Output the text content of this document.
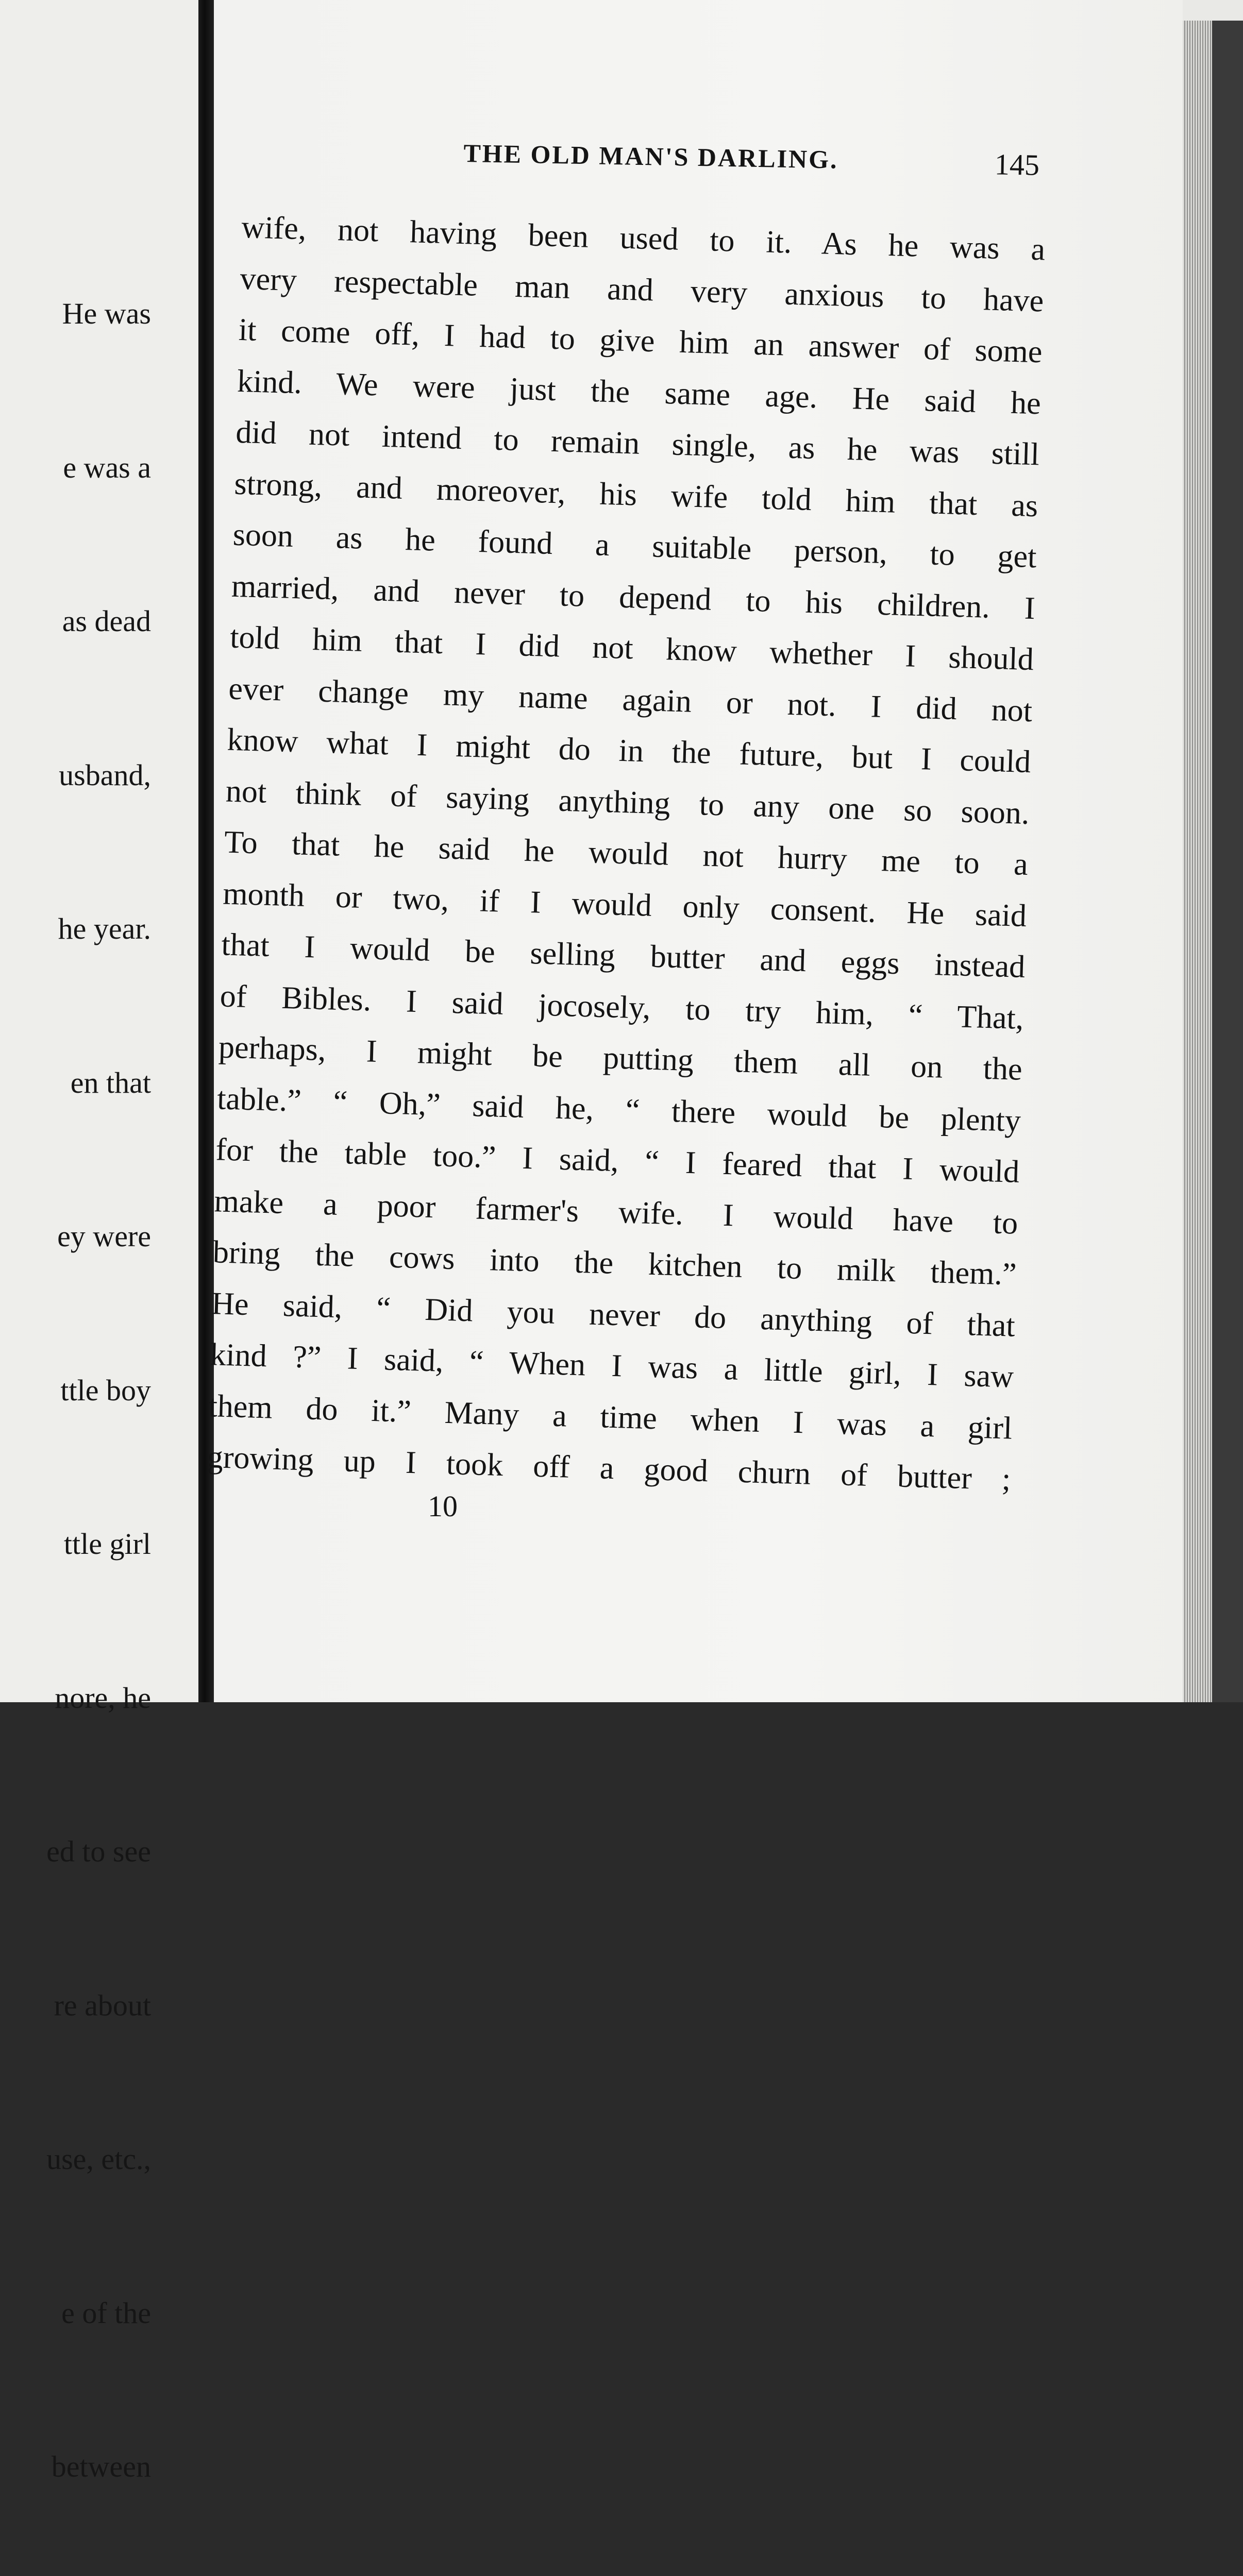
He was

e was a

as dead

usband,

he year.

en that

ey were

ttle boy

ttle girl

nore, he

ed to see

re about

use, etc.,

e of the

between

THE OLD MAN'S DARLING.	145
wife, not having been used to it. As he was a
very respectable man and very anxious to have
it come off, I had to give him an answer of some
kind. We were just the same age. He said he
did not intend to remain single, as he was still
strong, and moreover, his wife told him that as
soon as he found a suitable person, to get
married, and never to depend to his children. I
told him that I did not know whether I should
ever change my name again or not. I did not
know what I might do in the future, but I could
not think of saying anything to any one so soon.
To that he said he would not hurry me to a
month or two, if I would only consent. He said
that I would be selling butter and eggs instead
of Bibles. I said jocosely, to try him, “ That,
perhaps, I might be putting them all on the
table.” “ Oh,” said he, “ there would be plenty
for the table too.” I said, “ I feared that I would
make a poor farmer's wife. I would have to
bring the cows into the kitchen to milk them.”
He said, “ Did you never do anything of that
kind ?” I said, “ When I was a little girl, I saw
them do it.” Many a time when I was a girl
growing up I took off a good churn of butter ;
10
